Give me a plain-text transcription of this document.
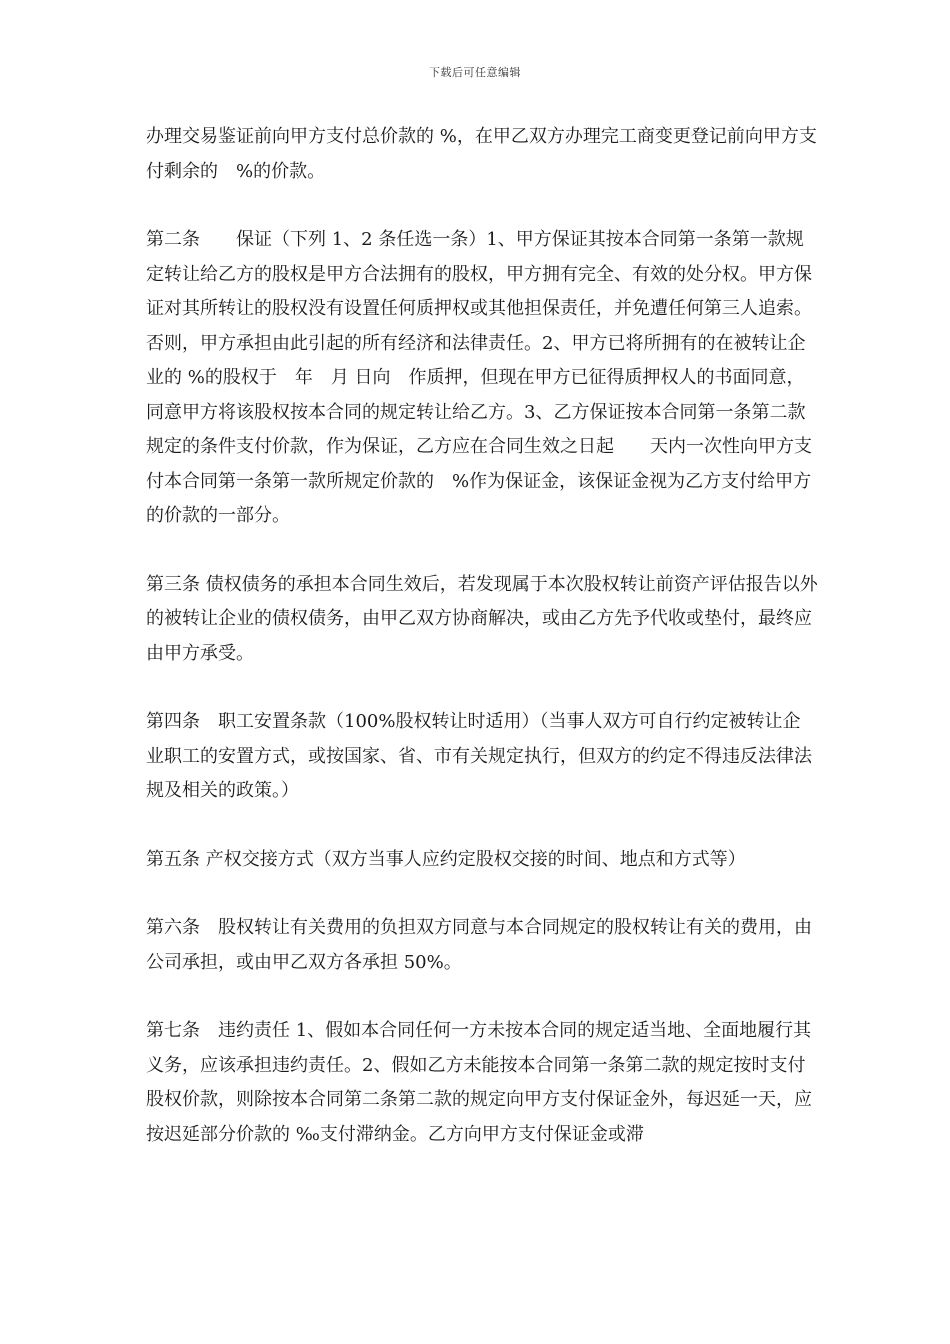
下载后可任意编辑

办理交易鉴证前向甲方支付总价款的 %，在甲乙双方办理完工商变更登记前向甲方支付剩余的　%的价款。

第二条　　保证（下列 1、2 条任选一条）1、甲方保证其按本合同第一条第一款规定转让给乙方的股权是甲方合法拥有的股权，甲方拥有完全、有效的处分权。甲方保证对其所转让的股权没有设置任何质押权或其他担保责任，并免遭任何第三人追索。否则，甲方承担由此引起的所有经济和法律责任。2、甲方已将所拥有的在被转让企业的 %的股权于　年　月 日向　作质押，但现在甲方已征得质押权人的书面同意，同意甲方将该股权按本合同的规定转让给乙方。3、乙方保证按本合同第一条第二款规定的条件支付价款，作为保证，乙方应在合同生效之日起　　天内一次性向甲方支付本合同第一条第一款所规定价款的　%作为保证金，该保证金视为乙方支付给甲方的价款的一部分。

第三条 债权债务的承担本合同生效后，若发现属于本次股权转让前资产评估报告以外的被转让企业的债权债务，由甲乙双方协商解决，或由乙方先予代收或垫付，最终应由甲方承受。

第四条　职工安置条款（100%股权转让时适用）（当事人双方可自行约定被转让企业职工的安置方式，或按国家、省、市有关规定执行，但双方的约定不得违反法律法规及相关的政策。）

第五条 产权交接方式（双方当事人应约定股权交接的时间、地点和方式等）

第六条　股权转让有关费用的负担双方同意与本合同规定的股权转让有关的费用，由　　　公司承担，或由甲乙双方各承担 50%。

第七条　违约责任 1、假如本合同任何一方未按本合同的规定适当地、全面地履行其义务，应该承担违约责任。2、假如乙方未能按本合同第一条第二款的规定按时支付股权价款，则除按本合同第二条第二款的规定向甲方支付保证金外，每迟延一天，应按迟延部分价款的 ‰支付滞纳金。乙方向甲方支付保证金或滞
